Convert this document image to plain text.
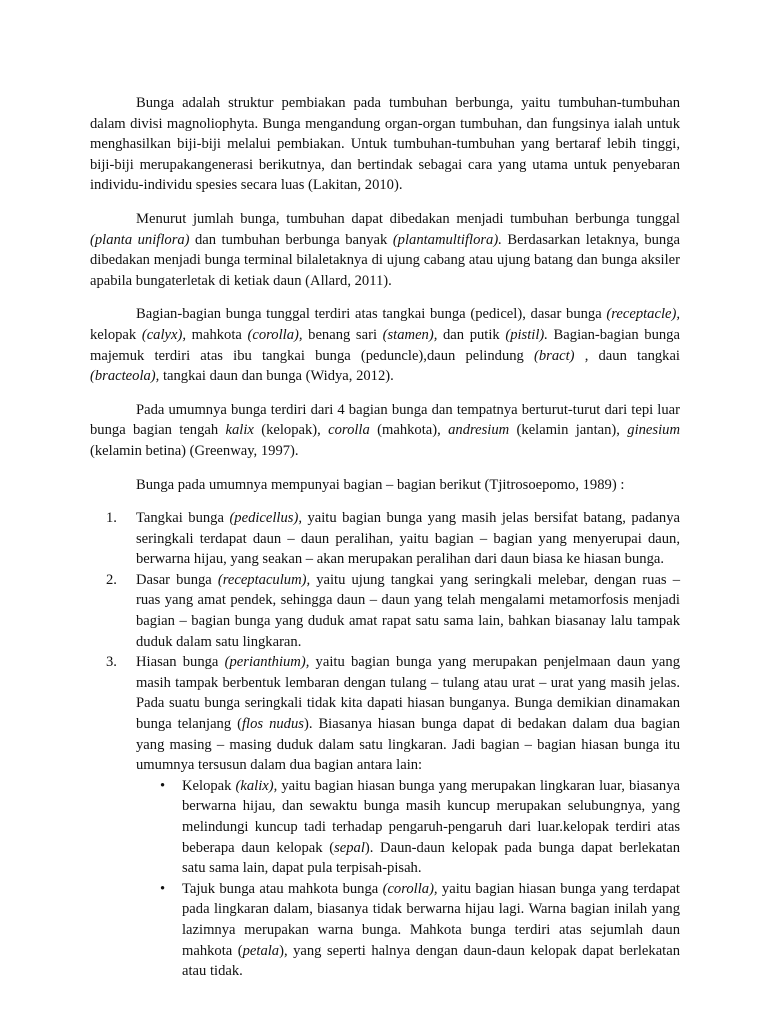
Bunga adalah struktur pembiakan pada tumbuhan berbunga, yaitu tumbuhan-tumbuhan dalam divisi magnoliophyta. Bunga mengandung organ-organ tumbuhan, dan fungsinya ialah untuk menghasilkan biji-biji melalui pembiakan. Untuk tumbuhan-tumbuhan yang bertaraf lebih tinggi, biji-biji merupakangenerasi berikutnya, dan bertindak sebagai cara yang utama untuk penyebaran individu-individu spesies secara luas (Lakitan, 2010).

Menurut jumlah bunga, tumbuhan dapat dibedakan menjadi tumbuhan berbunga tunggal (planta uniflora) dan tumbuhan berbunga banyak (plantamultiflora). Berdasarkan letaknya, bunga dibedakan menjadi bunga terminal bilaletaknya di ujung cabang atau ujung batang dan bunga aksiler apabila bungaterletak di ketiak daun (Allard, 2011).

Bagian-bagian bunga tunggal terdiri atas tangkai bunga (pedicel), dasar bunga (receptacle), kelopak (calyx), mahkota (corolla), benang sari (stamen), dan putik (pistil). Bagian-bagian bunga majemuk terdiri atas ibu tangkai bunga (peduncle),daun pelindung (bract) , daun tangkai (bracteola), tangkai daun dan bunga (Widya, 2012).

Pada umumnya bunga terdiri dari 4 bagian bunga dan tempatnya berturut-turut dari tepi luar bunga bagian tengah kalix (kelopak), corolla (mahkota), andresium (kelamin jantan), ginesium (kelamin betina) (Greenway, 1997).

Bunga pada umumnya mempunyai bagian – bagian berikut (Tjitrosoepomo, 1989) :

1. Tangkai bunga (pedicellus), yaitu bagian bunga yang masih jelas bersifat batang, padanya seringkali terdapat daun – daun peralihan, yaitu bagian – bagian yang menyerupai daun, berwarna hijau, yang seakan – akan merupakan peralihan dari daun biasa ke hiasan bunga.
2. Dasar bunga (receptaculum), yaitu ujung tangkai yang seringkali melebar, dengan ruas – ruas yang amat pendek, sehingga daun – daun yang telah mengalami metamorfosis menjadi bagian – bagian bunga yang duduk amat rapat satu sama lain, bahkan biasanay lalu tampak duduk dalam satu lingkaran.
3. Hiasan bunga (perianthium), yaitu bagian bunga yang merupakan penjelmaan daun yang masih tampak berbentuk lembaran dengan tulang – tulang atau urat – urat yang masih jelas. Pada suatu bunga seringkali tidak kita dapati hiasan bunganya. Bunga demikian dinamakan bunga telanjang (flos nudus). Biasanya hiasan bunga dapat di bedakan dalam dua bagian yang masing – masing duduk dalam satu lingkaran. Jadi bagian – bagian hiasan bunga itu umumnya tersusun dalam dua bagian antara lain:
• Kelopak (kalix), yaitu bagian hiasan bunga yang merupakan lingkaran luar, biasanya berwarna hijau, dan sewaktu bunga masih kuncup merupakan selubungnya, yang melindungi kuncup tadi terhadap pengaruh-pengaruh dari luar.kelopak terdiri atas beberapa daun kelopak (sepal). Daun-daun kelopak pada bunga dapat berlekatan satu sama lain, dapat pula terpisah-pisah.
• Tajuk bunga atau mahkota bunga (corolla), yaitu bagian hiasan bunga yang terdapat pada lingkaran dalam, biasanya tidak berwarna hijau lagi. Warna bagian inilah yang lazimnya merupakan warna bunga. Mahkota bunga terdiri atas sejumlah daun mahkota (petala), yang seperti halnya dengan daun-daun kelopak dapat berlekatan atau tidak.
